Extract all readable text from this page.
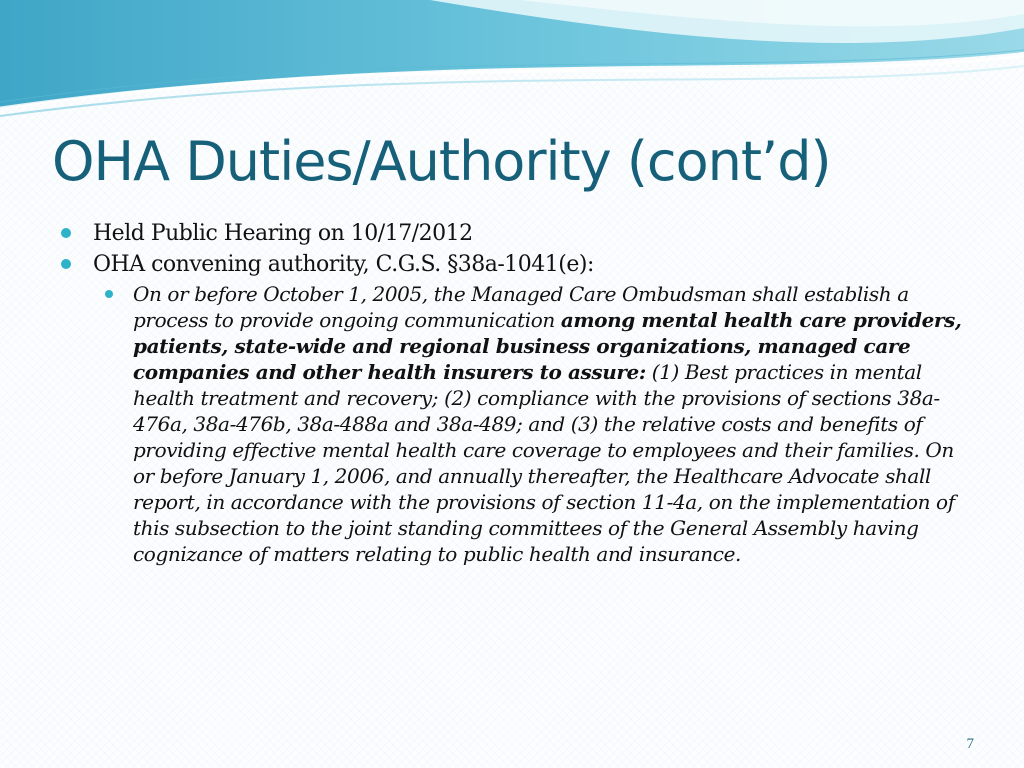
OHA Duties/Authority (cont’d)
Held Public Hearing on 10/17/2012
OHA convening authority, C.G.S. §38a-1041(e):
On or before October 1, 2005, the Managed Care Ombudsman shall establish a process to provide ongoing communication among mental health care providers, patients, state-wide and regional business organizations, managed care companies and other health insurers to assure: (1) Best practices in mental health treatment and recovery; (2) compliance with the provisions of sections 38a-476a, 38a-476b, 38a-488a and 38a-489; and (3) the relative costs and benefits of providing effective mental health care coverage to employees and their families. On or before January 1, 2006, and annually thereafter, the Healthcare Advocate shall report, in accordance with the provisions of section 11-4a, on the implementation of this subsection to the joint standing committees of the General Assembly having cognizance of matters relating to public health and insurance.
7
